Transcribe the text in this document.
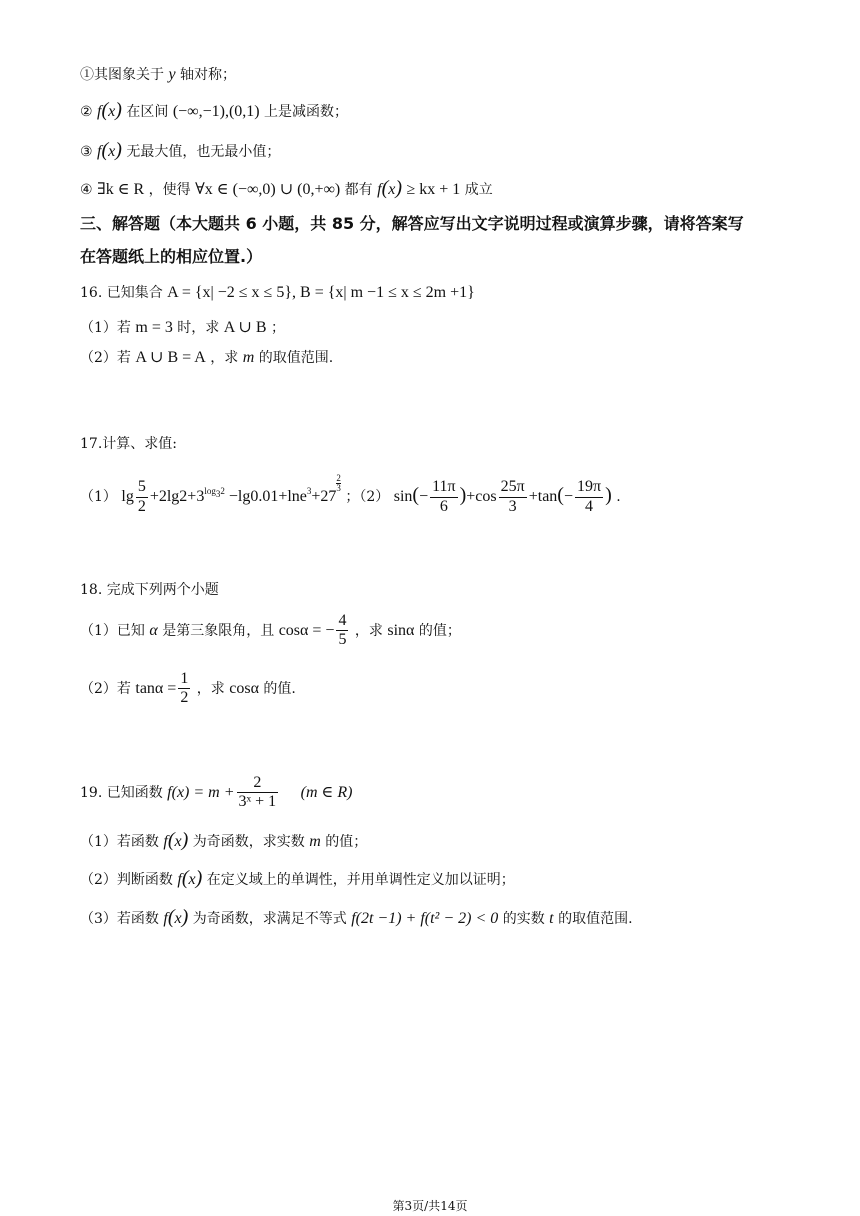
①其图象关于 y 轴对称；
② f(x) 在区间 (−∞,−1),(0,1) 上是减函数；
③ f(x) 无最大值，也无最小值；
④ ∃k ∈ R ，使得 ∀x ∈ (−∞,0) ∪ (0,+∞) 都有 f(x) ≥ kx + 1 成立
三、解答题（本大题共 6 小题，共 85 分，解答应写出文字说明过程或演算步骤，请将答案写
在答题纸上的相应位置.）
16. 已知集合 A = {x| −2 ≤ x ≤ 5}, B = {x| m −1 ≤ x ≤ 2m +1}
（1）若 m = 3 时，求 A ∪ B ；
（2）若 A ∪ B = A ，求 m 的取值范围.
17.计算、求值:
（1） $\lg \frac{5}{2} +2\lg 2+3^{log_32} -\lg 0.01+\ln e^3+27$
$\frac{2}{3}$
；（2） $\sin(- \frac{11\pi}{6} )+\cos \frac{25\pi}{3} +\tan(- \frac{19\pi}{4}$ ) .
18. 完成下列两个小题
（1）已知 α 是第三象限角，且 cosα = − $\frac{4}{5}$ ，求 sinα 的值；
（2）若 $\tan\alpha = \frac{1}{2}$ ，求 cosα 的值.
19. 已知函数 $f(x) = m + \frac{2}{\text{3ˣ + 1}} (m$ ∈ R)
（1）若函数 f(x) 为奇函数，求实数 m 的值；
（2）判断函数 f(x) 在定义域上的单调性，并用单调性定义加以证明；
（3）若函数 f(x) 为奇函数，求满足不等式 f(2t −1) + f(t² − 2) < 0 的实数 t 的取值范围.
第3页/共14页
